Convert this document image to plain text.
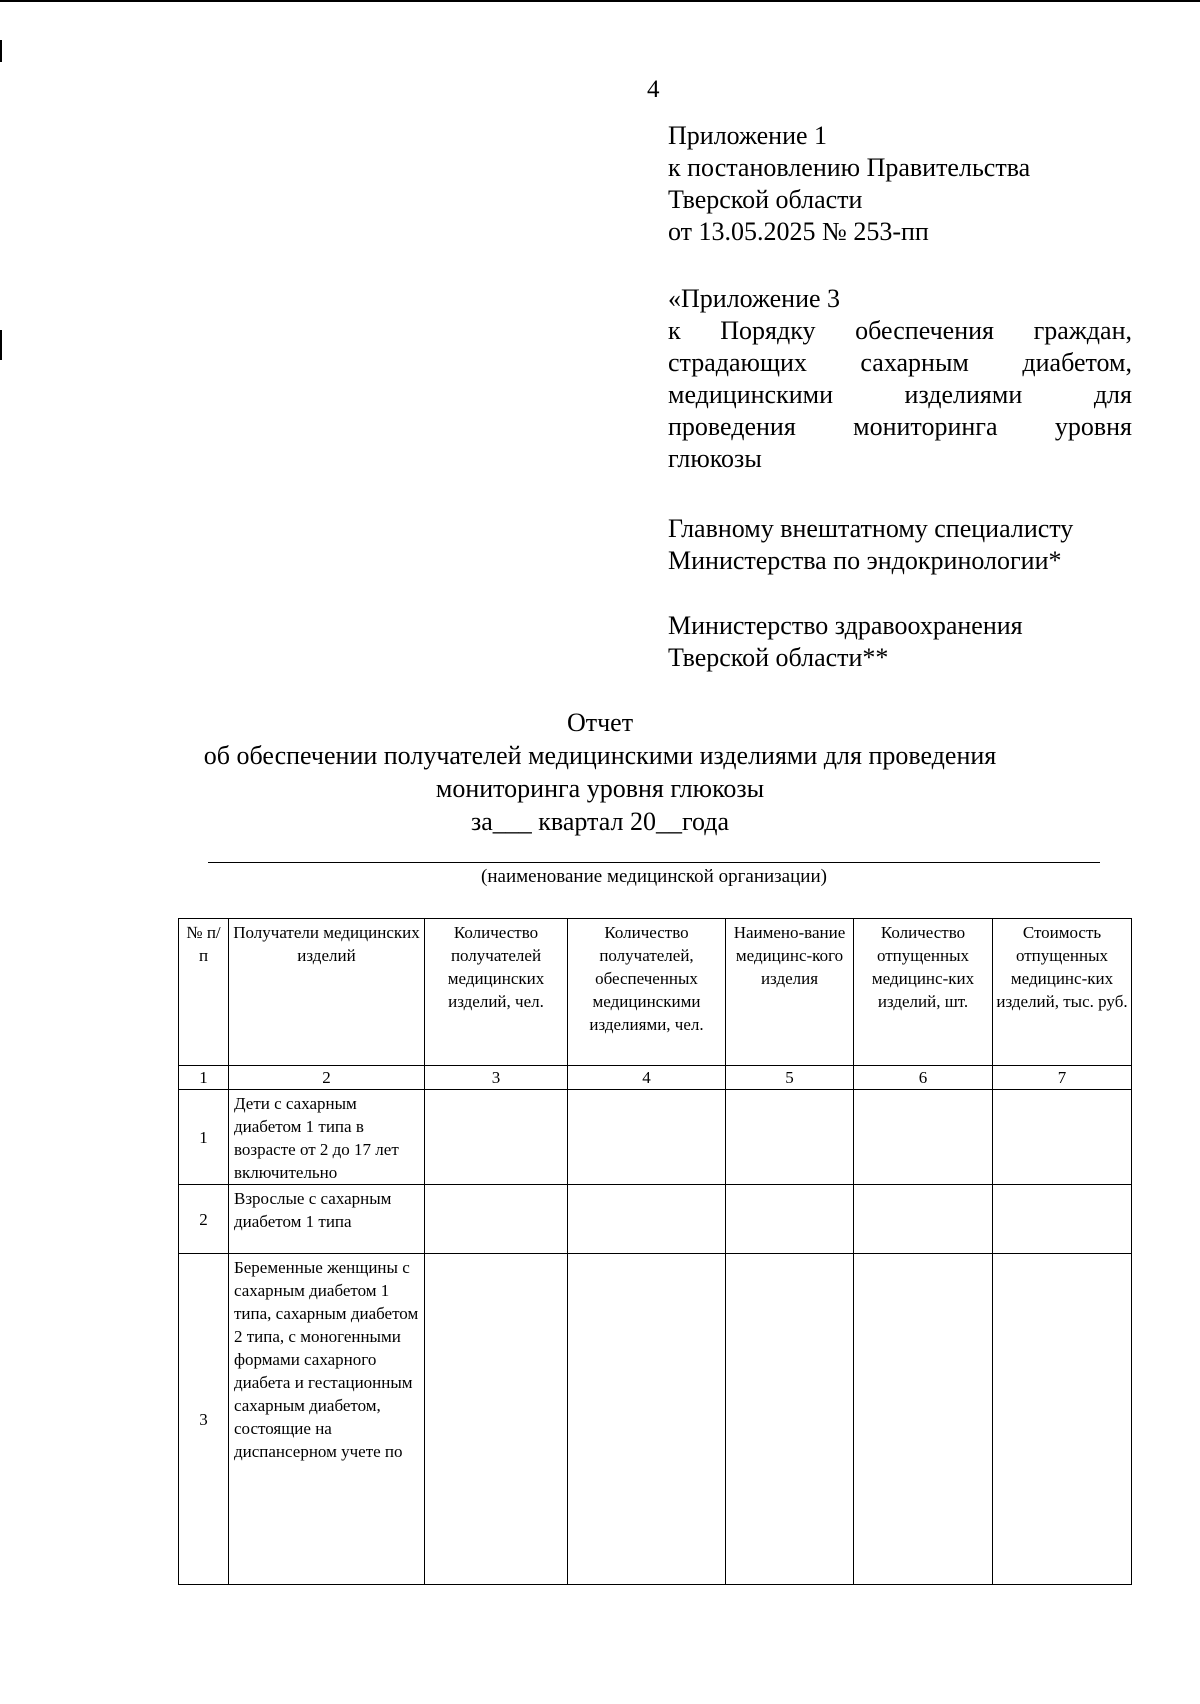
4
Приложение 1
к постановлению Правительства
Тверской области
от 13.05.2025 № 253-пп
«Приложение 3
к Порядку обеспечения граждан,
страдающих сахарным диабетом,
медицинскими изделиями для
проведения мониторинга уровня
глюкозы
Главному внештатному специалисту
Министерства по эндокринологии*
Министерство здравоохранения
Тверской области**
Отчет
об обеспечении получателей медицинскими изделиями для проведения
мониторинга уровня глюкозы
за___ квартал 20__года
(наименование медицинской организации)
№ п/п	Получатели медицинских изделий	Количество получателей медицинских изделий, чел.	Количество получателей, обеспеченных медицинскими изделиями, чел.	Наимено-вание медицинс-кого изделия	Количество отпущенных медицинс-ких изделий, шт.	Стоимость отпущенных медицинс-ких изделий, тыс. руб.
1	2	3	4	5	6	7
1	Дети с сахарным диабетом 1 типа в возрасте от 2 до 17 лет включительно					
2	Взрослые с сахарным диабетом 1 типа					
3	Беременные женщины с сахарным диабетом 1 типа, сахарным диабетом 2 типа, с моногенными формами сахарного диабета и гестационным сахарным диабетом, состоящие на диспансерном учете по					
